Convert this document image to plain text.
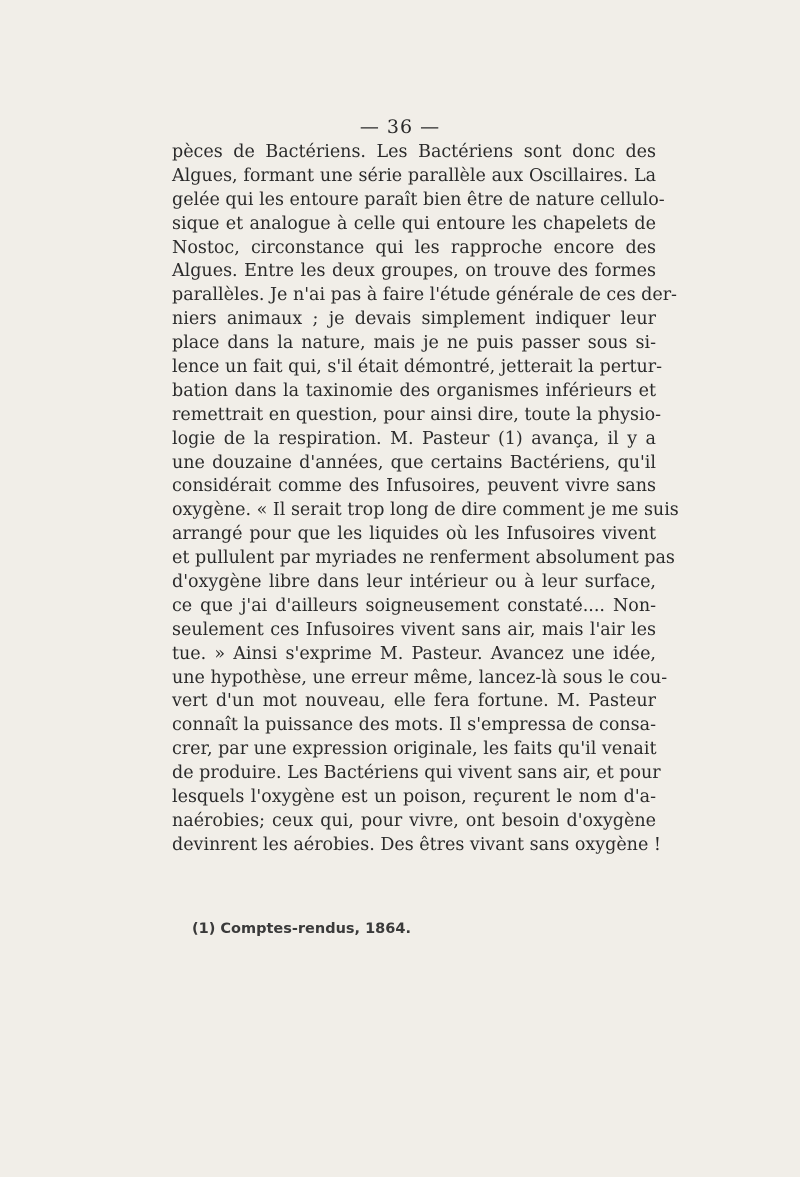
— 36 —
pèces de Bactériens. Les Bactériens sont donc des
Algues, formant une série parallèle aux Oscillaires. La
gelée qui les entoure paraît bien être de nature cellulo-
sique et analogue à celle qui entoure les chapelets de
Nostoc, circonstance qui les rapproche encore des
Algues. Entre les deux groupes, on trouve des formes
parallèles. Je n'ai pas à faire l'étude générale de ces der-
niers animaux ; je devais simplement indiquer leur
place dans la nature, mais je ne puis passer sous si-
lence un fait qui, s'il était démontré, jetterait la pertur-
bation dans la taxinomie des organismes inférieurs et
remettrait en question, pour ainsi dire, toute la physio-
logie de la respiration. M. Pasteur (1) avança, il y a
une douzaine d'années, que certains Bactériens, qu'il
considérait comme des Infusoires, peuvent vivre sans
oxygène. « Il serait trop long de dire comment je me suis
arrangé pour que les liquides où les Infusoires vivent
et pullulent par myriades ne renferment absolument pas
d'oxygène libre dans leur intérieur ou à leur surface,
ce que j'ai d'ailleurs soigneusement constaté.... Non-
seulement ces Infusoires vivent sans air, mais l'air les
tue. » Ainsi s'exprime M. Pasteur. Avancez une idée,
une hypothèse, une erreur même, lancez-là sous le cou-
vert d'un mot nouveau, elle fera fortune. M. Pasteur
connaît la puissance des mots. Il s'empressa de consa-
crer, par une expression originale, les faits qu'il venait
de produire. Les Bactériens qui vivent sans air, et pour
lesquels l'oxygène est un poison, reçurent le nom d'a-
naérobies; ceux qui, pour vivre, ont besoin d'oxygène
devinrent les aérobies. Des êtres vivant sans oxygène !
(1) Comptes-rendus, 1864.
